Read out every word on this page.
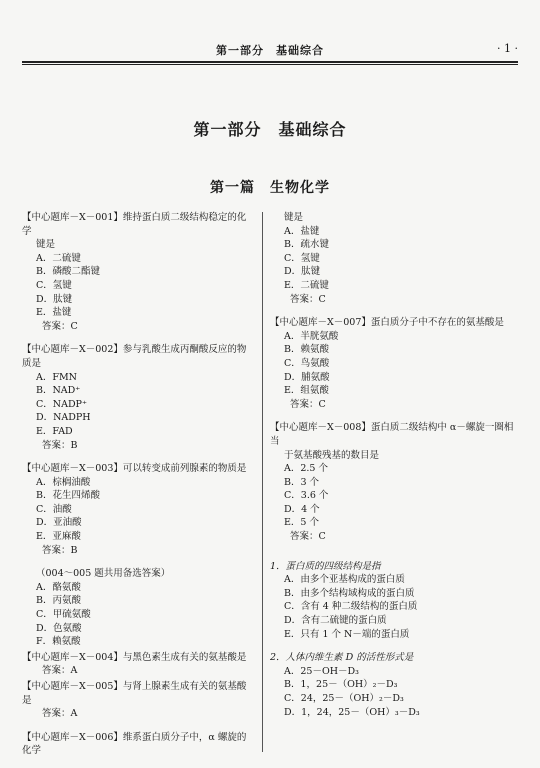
第一部分　基础综合	· 1 ·
第一部分　基础综合
第一篇　生物化学
【中心题库－X－001】维持蛋白质二级结构稳定的化学
键是
A．二硫键
B．磷酸二酯键
C．氢键
D．肽键
E．盐键
答案：C
【中心题库－X－002】参与乳酸生成丙酮酸反应的物质是
A．FMN
B．NAD⁺
C．NADP⁺
D．NADPH
E．FAD
答案：B
【中心题库－X－003】可以转变成前列腺素的物质是
A．棕榈油酸
B．花生四烯酸
C．油酸
D．亚油酸
E．亚麻酸
答案：B
（004～005 题共用备选答案）
A．酪氨酸
B．丙氨酸
C．甲硫氨酸
D．色氨酸
F．赖氨酸
【中心题库－X－004】与黑色素生成有关的氨基酸是
答案：A
【中心题库－X－005】与肾上腺素生成有关的氨基酸是
答案：A
【中心题库－X－006】维系蛋白质分子中，α 螺旋的化学
键是
A．盐键
B．疏水键
C．氢键
D．肽键
E．二硫键
答案：C
【中心题库－X－007】蛋白质分子中不存在的氨基酸是
A．半胱氨酸
B．赖氨酸
C．鸟氨酸
D．脯氨酸
E．组氨酸
答案：C
【中心题库－X－008】蛋白质二级结构中 α－螺旋一圈相当
于氨基酸残基的数目是
A．2.5 个
B．3 个
C．3.6 个
D．4 个
E．5 个
答案：C
1．蛋白质的四级结构是指
A．由多个亚基构成的蛋白质
B．由多个结构域构成的蛋白质
C．含有 4 种二级结构的蛋白质
D．含有二硫键的蛋白质
E．只有 1 个 N－端的蛋白质
2．人体内维生素 D 的活性形式是
A．25－OH－D₃
B．1，25－（OH）₂－D₃
C．24，25－（OH）₂－D₃
D．1，24，25－（OH）₃－D₃
